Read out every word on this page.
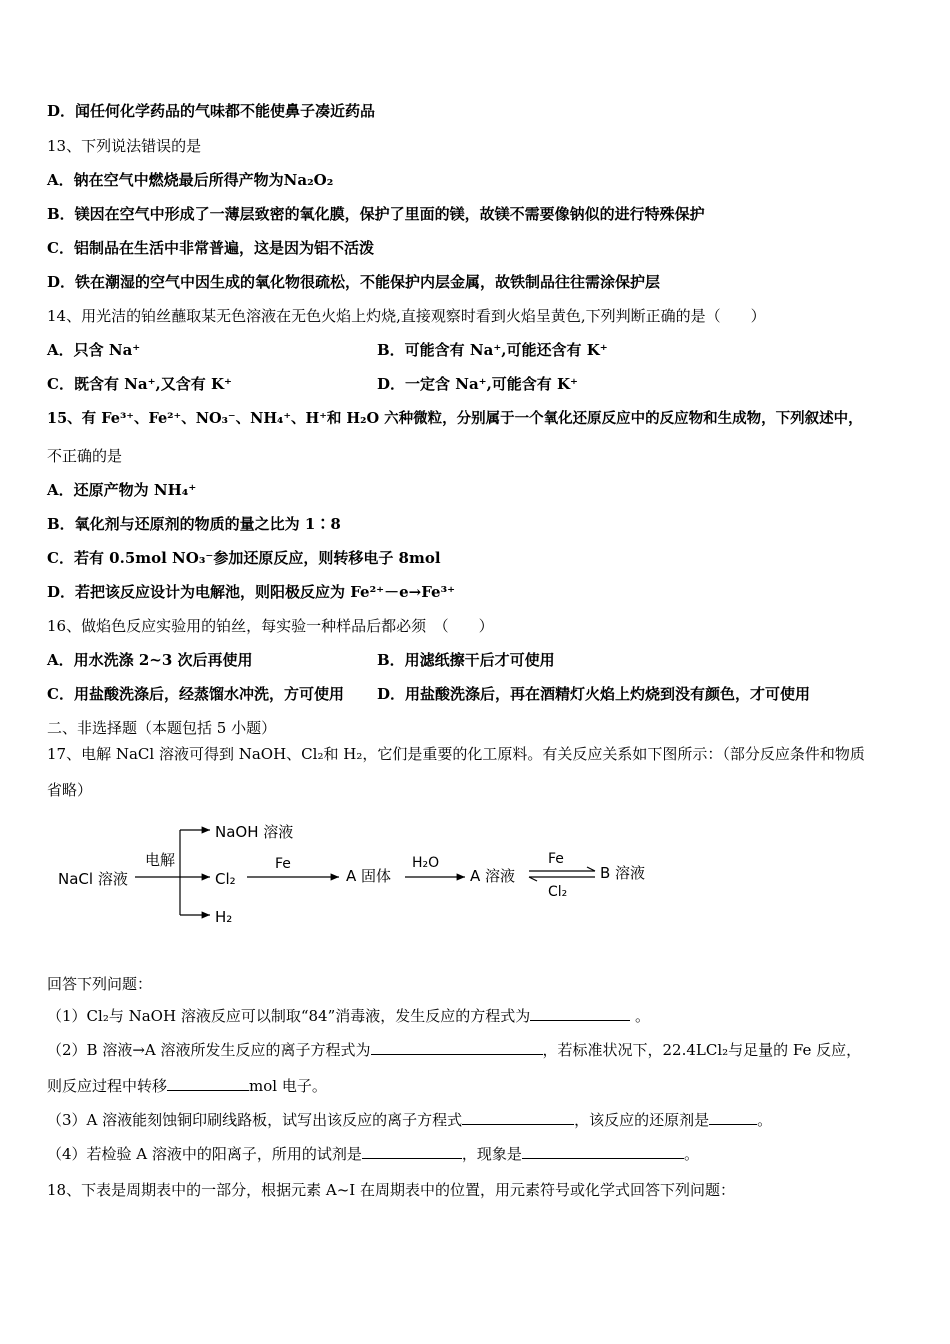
D．闻任何化学药品的气味都不能使鼻子凑近药品
13、下列说法错误的是
A．钠在空气中燃烧最后所得产物为Na₂O₂
B．镁因在空气中形成了一薄层致密的氧化膜，保护了里面的镁，故镁不需要像钠似的进行特殊保护
C．铝制品在生活中非常普遍，这是因为铝不活泼
D．铁在潮湿的空气中因生成的氧化物很疏松，不能保护内层金属，故铁制品往往需涂保护层
14、用光洁的铂丝蘸取某无色溶液在无色火焰上灼烧,直接观察时看到火焰呈黄色,下列判断正确的是（　　）
A．只含 Na⁺	B．可能含有 Na⁺,可能还含有 K⁺
C．既含有 Na⁺,又含有 K⁺	D．一定含 Na⁺,可能含有 K⁺
15、有 Fe³⁺、Fe²⁺、NO₃⁻、NH₄⁺、H⁺和 H₂O 六种微粒，分别属于一个氧化还原反应中的反应物和生成物，下列叙述中，
不正确的是
A．还原产物为 NH₄⁺
B．氧化剂与还原剂的物质的量之比为 1∶8
C．若有 0.5mol NO₃⁻参加还原反应，则转移电子 8mol
D．若把该反应设计为电解池，则阳极反应为 Fe²⁺－e→Fe³⁺
16、做焰色反应实验用的铂丝，每实验一种样品后都必须　（　　）
A．用水洗涤 2~3 次后再使用	B．用滤纸擦干后才可使用
C．用盐酸洗涤后，经蒸馏水冲洗，方可使用 D．用盐酸洗涤后，再在酒精灯火焰上灼烧到没有颜色，才可使用
二、非选择题（本题包括 5 小题）
17、电解 NaCl 溶液可得到 NaOH、Cl₂和 H₂，它们是重要的化工原料。有关反应关系如下图所示：（部分反应条件和物质
省略）
NaCl 溶液
电解
NaOH 溶液
Cl₂
H₂
Fe
A 固体
H₂O
A 溶液
Fe
Cl₂
B 溶液
回答下列问题：
（1）Cl₂与 NaOH 溶液反应可以制取“84”消毒液，发生反应的方程式为	。
（2）B 溶液→A 溶液所发生反应的离子方程式为	，若标准状况下，22.4LCl₂与足量的 Fe 反应，
则反应过程中转移	mol 电子。
（3）A 溶液能刻蚀铜印刷线路板，试写出该反应的离子方程式	，该反应的还原剂是	。
（4）若检验 A 溶液中的阳离子，所用的试剂是	，现象是	。
18、下表是周期表中的一部分，根据元素 A~I 在周期表中的位置，用元素符号或化学式回答下列问题：
